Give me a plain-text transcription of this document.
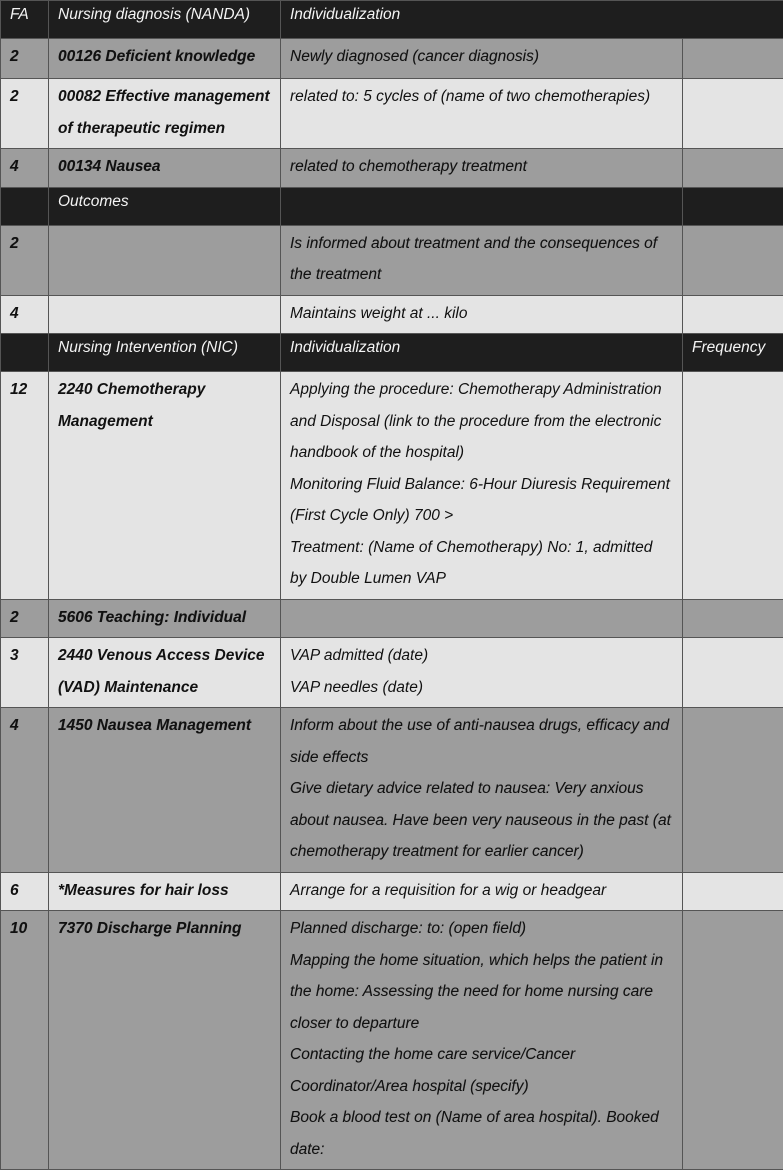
FA	Nursing diagnosis (NANDA)	Individualization	
2	00126 Deficient knowledge	Newly diagnosed (cancer diagnosis)	
2	00082 Effective management of therapeutic regimen	related to: 5 cycles of (name of two chemotherapies)	
4	00134 Nausea	related to chemotherapy treatment	
	Outcomes		
2		Is informed about treatment and the consequences of the treatment	
4		Maintains weight at ... kilo	
	Nursing Intervention (NIC)	Individualization	Frequency
12	2240 Chemotherapy Management	Applying the procedure: Chemotherapy Administration and Disposal (link to the procedure from the electronic handbook of the hospital)
Monitoring Fluid Balance: 6-Hour Diuresis Requirement (First Cycle Only) 700 >
Treatment: (Name of Chemotherapy) No: 1, admitted by Double Lumen VAP	

2	5606 Teaching: Individual		
3	2440 Venous Access Device (VAD) Maintenance	VAP admitted (date)
VAP needles (date)	

4	1450 Nausea Management	Inform about the use of anti-nausea drugs, efficacy and side effects
Give dietary advice related to nausea: Very anxious about nausea. Have been very nauseous in the past (at chemotherapy treatment for earlier cancer)	

6	*Measures for hair loss	Arrange for a requisition for a wig or headgear	

10	7370 Discharge Planning	Planned discharge: to: (open field)
Mapping the home situation, which helps the patient in the home: Assessing the need for home nursing care closer to departure
Contacting the home care service/Cancer Coordinator/Area hospital (specify)
Book a blood test on (Name of area hospital). Booked date:	
